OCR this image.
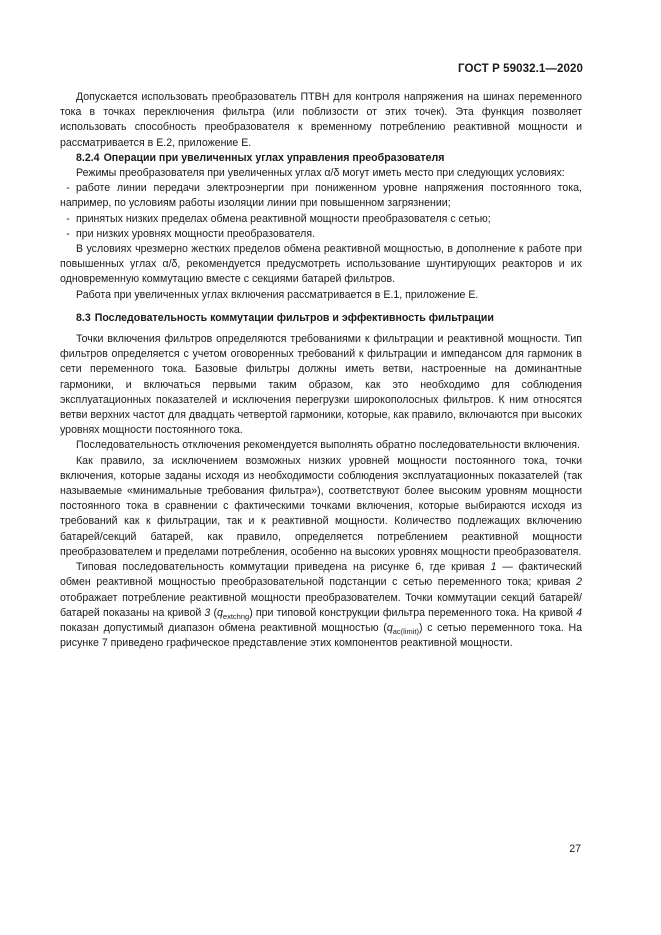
ГОСТ Р 59032.1—2020

Допускается использовать преобразователь ПТВН для контроля напряжения на шинах переменного тока в точках переключения фильтра (или поблизости от этих точек). Эта функция позволяет использовать способность преобразователя к временному потреблению реактивной мощности и рассматривается в Е.2, приложение Е.

8.2.4 Операции при увеличенных углах управления преобразователя

Режимы преобразователя при увеличенных углах α/δ могут иметь место при следующих условиях:

- работе линии передачи электроэнергии при пониженном уровне напряжения постоянного тока, например, по условиям работы изоляции линии при повышенном загрязнении;

- принятых низких пределах обмена реактивной мощности преобразователя с сетью;

- при низких уровнях мощности преобразователя.

В условиях чрезмерно жестких пределов обмена реактивной мощностью, в дополнение к работе при повышенных углах α/δ, рекомендуется предусмотреть использование шунтирующих реакторов и их одновременную коммутацию вместе с секциями батарей фильтров.

Работа при увеличенных углах включения рассматривается в Е.1, приложение Е.

8.3 Последовательность коммутации фильтров и эффективность фильтрации

Точки включения фильтров определяются требованиями к фильтрации и реактивной мощности. Тип фильтров определяется с учетом оговоренных требований к фильтрации и импедансом для гармоник в сети переменного тока. Базовые фильтры должны иметь ветви, настроенные на доминантные гармоники, и включаться первыми таким образом, как это необходимо для соблюдения эксплуатационных показателей и исключения перегрузки широкополосных фильтров. К ним относятся ветви верхних частот для двадцать четвертой гармоники, которые, как правило, включаются при высоких уровнях мощности постоянного тока.

Последовательность отключения рекомендуется выполнять обратно последовательности включения.

Как правило, за исключением возможных низких уровней мощности постоянного тока, точки включения, которые заданы исходя из необходимости соблюдения эксплуатационных показателей (так называемые «минимальные требования фильтра»), соответствуют более высоким уровням мощности постоянного тока в сравнении с фактическими точками включения, которые выбираются исходя из требований как к фильтрации, так и к реактивной мощности. Количество подлежащих включению батарей/секций батарей, как правило, определяется потреблением реактивной мощности преобразователем и пределами потребления, особенно на высоких уровнях мощности преобразователя.

Типовая последовательность коммутации приведена на рисунке 6, где кривая 1 — фактический обмен реактивной мощностью преобразовательной подстанции с сетью переменного тока; кривая 2 отображает потребление реактивной мощности преобразователем. Точки коммутации секций батарей/батарей показаны на кривой 3 $(q_{extchng})$ при типовой конструкции фильтра переменного тока. На кривой 4 показан допустимый диапазон обмена реактивной мощностью $(q_{ac(limit)})$ с сетью переменного тока. На рисунке 7 приведено графическое представление этих компонентов реактивной мощности.

27
